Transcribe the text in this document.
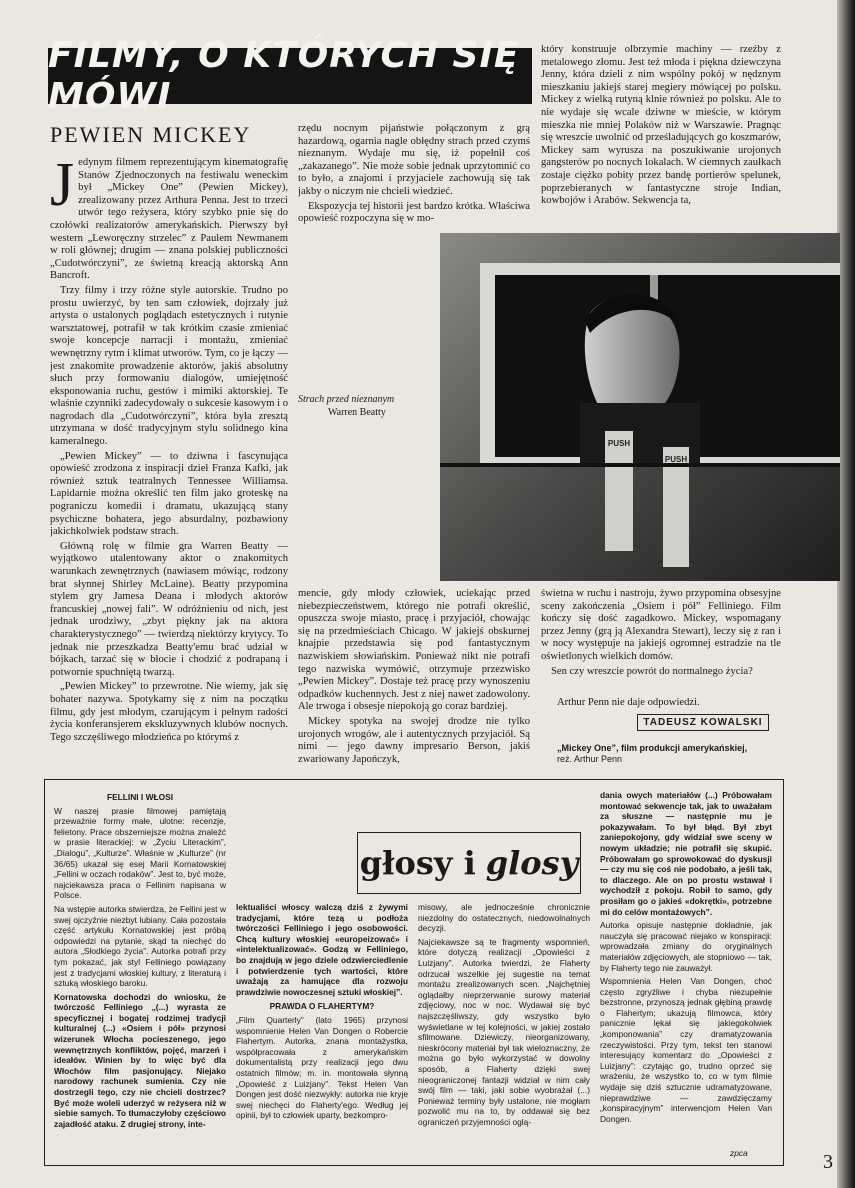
FILMY, O KTÓRYCH SIĘ MÓWI
PEWIEN MICKEY

Jedynym filmem reprezentującym kinematografię Stanów Zjednoczonych na festiwalu weneckim był „Mickey One” (Pewien Mickey), zrealizowany przez Arthura Penna. Jest to trzeci utwór tego reżysera, który szybko pnie się do czołówki realizatorów amerykańskich. Pierwszy był western „Leworęczny strzelec” z Paulem Newmanem w roli głównej; drugim — znana polskiej publiczności „Cudotwórczyni”, ze świetną kreacją aktorską Ann Bancroft.

Trzy filmy i trzy różne style autorskie. Trudno po prostu uwierzyć, by ten sam człowiek, dojrzały już artysta o ustalonych poglądach estetycznych i rutynie warsztatowej, potrafił w tak krótkim czasie zmieniać swoje koncepcje narracji i montażu, zmieniać wewnętrzny rytm i klimat utworów. Tym, co je łączy — jest znakomite prowadzenie aktorów, jakiś absolutny słuch przy formowaniu dialogów, umiejętność eksponowania ruchu, gestów i mimiki aktorskiej. Te właśnie czynniki zadecydowały o sukcesie kasowym i o nagrodach dla „Cudotwórczyni”, która była zresztą utrzymana w dość tradycyjnym stylu solidnego kina kameralnego.

„Pewien Mickey” — to dziwna i fascynująca opowieść zrodzona z inspiracji dzieł Franza Kafki, jak również sztuk teatralnych Tennessee Williamsa. Lapidarnie można określić ten film jako groteskę na pograniczu komedii i dramatu, ukazującą stany psychiczne bohatera, jego absurdalny, pozbawiony jakichkolwiek podstaw strach.

Główną rolę w filmie gra Warren Beatty — wyjątkowo utalentowany aktor o znakomitych warunkach zewnętrznych (nawiasem mówiąc, rodzony brat słynnej Shirley McLaine). Beatty przypomina stylem gry Jamesa Deana i młodych aktorów francuskiej „nowej fali”. W odróżnieniu od nich, jest jednak urodziwy, „zbyt piękny jak na aktora charakterystycznego” — twierdzą niektórzy krytycy. To jednak nie przeszkadza Beatty'emu brać udział w bójkach, tarzać się w błocie i chodzić z podrapaną i potwornie spuchniętą twarzą.

„Pewien Mickey” to przewrotne. Nie wiemy, jak się bohater nazywa. Spotykamy się z nim na początku filmu, gdy jest młodym, czarującym i pełnym radości życia konferansjerem ekskluzywnych klubów nocnych. Tego szczęśliwego młodzieńca po którymś z

rzędu nocnym pijaństwie połączonym z grą hazardową, ogarnia nagle obłędny strach przed czymś nieznanym. Wydaje mu się, iż popełnił coś „zakazanego”. Nie może sobie jednak uprzytomnić co to było, a znajomi i przyjaciele zachowują się tak jakby o niczym nie chcieli wiedzieć.

Ekspozycja tej historii jest bardzo krótka. Właściwa opowieść rozpoczyna się w mo-

który konstruuje olbrzymie machiny — rzeźby z metalowego złomu. Jest też młoda i piękna dziewczyna Jenny, która dzieli z nim wspólny pokój w nędznym mieszkaniu jakiejś starej megiery mówiącej po polsku. Mickey z wielką rutyną klnie również po polsku. Ale to nie wydaje się wcale dziwne w mieście, w którym mieszka nie mniej Polaków niż w Warszawie. Pragnąc się wreszcie uwolnić od prześladujących go koszmarów, Mickey sam wyrusza na poszukiwanie urojonych gangsterów po nocnych lokalach. W ciemnych zaułkach zostaje ciężko pobity przez bandę portierów spelunek, poprzebieranych w fantastyczne stroje Indian, kowbojów i Arabów. Sekwencja ta,

PUSH
PUSH
Strach przed nieznanym
Warren Beatty

mencie, gdy młody człowiek, uciekając przed niebezpieczeństwem, którego nie potrafi określić, opuszcza swoje miasto, pracę i przyjaciół, chowając się na przedmieściach Chicago. W jakiejś obskurnej knajpie przedstawia się pod fantastycznym nazwiskiem słowiańskim. Ponieważ nikt nie potrafi tego nazwiska wymówić, otrzymuje przezwisko „Pewien Mickey”. Dostaje też pracę przy wynoszeniu odpadków kuchennych. Jest z niej nawet zadowolony. Ale trwoga i obsesje niepokoją go coraz bardziej.

Mickey spotyka na swojej drodze nie tylko urojonych wrogów, ale i autentycznych przyjaciół. Są nimi — jego dawny impresario Berson, jakiś zwariowany Japończyk,

świetna w ruchu i nastroju, żywo przypomina obsesyjne sceny zakończenia „Osiem i pół” Felliniego. Film kończy się dość zagadkowo. Mickey, wspomagany przez Jenny (grą ją Alexandra Stewart), leczy się z ran i w nocy występuje na jakiejś ogromnej estradzie na tle oświetlonych wielkich domów.

Sen czy wreszcie powrót do normalnego życia?

Arthur Penn nie daje odpowiedzi.
TADEUSZ KOWALSKI
„Mickey One”, film produkcji amerykańskiej,
reż. Arthur Penn
głosy i glosy
FELLINI I WŁOSI
W naszej prasie filmowej pamiętają przeważnie formy małe, ulotne: recenzje, felietony. Prace obszerniejsze można znaleźć w prasie literackiej: w „Życiu Literackim”, „Dialogu”, „Kulturze”. Właśnie w „Kulturze” (nr 36/65) ukazał się esej Marii Kornatowskiej „Fellini w oczach rodaków”. Jest to, być może, najciekawsza praca o Fellinim napisana w Polsce.
Na wstępie autorka stwierdza, że Fellini jest w swej ojczyźnie niezbyt lubiany. Cała pozostała część artykułu Kornatowskiej jest próbą odpowiedzi na pytanie, skąd ta niechęć do autora „Słodkiego życia”. Autorka potrafi przy tym pokazać, jak styl Felliniego powiązany jest z tradycjami włoskiej kultury, z literaturą i sztuką włoskiego baroku.
Kornatowska dochodzi do wniosku, że twórczość Felliniego „(...) wyrasta ze specyficznej i bogatej rodzimej tradycji kulturalnej (...) «Osiem i pół» przynosi wizerunek Włocha pocieszenego, jego wewnętrznych konfliktów, pojęć, marzeń i ideałów. Winien by to więc być dla Włochów film pasjonujący. Niejako narodowy rachunek sumienia. Czy nie dostrzegli tego, czy nie chcieli dostrzec? Być może woleli uderzyć w reżysera niż w siebie samych. To tłumaczyłoby częściowo zajadłość ataku. Z drugiej strony, inte-
lektualiści włoscy walczą dziś z żywymi tradycjami, które tezą u podłoża twórczości Felliniego i jego osobowości. Chcą kultury włoskiej «europeizować» i «intelektualizować». Godzą w Felliniego, bo znajdują w jego dziele odzwierciedlenie i potwierdzenie tych wartości, które uważają za hamujące dla rozwoju prawdziwie nowoczesnej sztuki włoskiej”.
PRAWDA O FLAHERTYM?
„Film Quarterly” (lato 1965) przynosi wspomnienie Helen Van Dongen o Robercie Flahertym. Autorka, znana montażystka, współpracowała z amerykańskim dokumentalistą przy realizacji jego dwu ostatnich filmów; m. in. montowała słynną „Opowieść z Luizjany”. Tekst Helen Van Dongen jest dość niezwykły: autorka nie kryje swej niechęci do Flaherty'ego. Według jej opinii, był to człowiek uparty, bezkompro-
misowy, ale jednocześnie chronicznie niezdolny do ostatecznych, niedowolnalnych decyzji.
Najciekawsze są te fragmenty wspomnień, które dotyczą realizacji „Opowieści z Luizjany”. Autorka twierdzi, że Flaherty odrzucał wszelkie jej sugestie na temat montażu zrealizowanych scen. „Najchętniej oglądałby nieprzerwanie surowy materiał zdjęciowy, noc w noc. Wydawał się być najszczęśliwszy, gdy wszystko było wyświetlane w tej kolejności, w jakiej zostało sfilmowane. Dziewiczy, nieorganizowany, nieskrócony materiał był tak wieloznaczny, że można go było wykorzystać w dowolny sposób, a Flaherty dzięki swej nieograniczonej fantazji widział w nim cały swój film — taki, jaki sobie wyobrażał (...) Ponieważ terminy były ustalone, nie mogłam pozwolić mu na to, by oddawał się bez ograniczeń przyjemności oglą-
dania owych materiałów (...) Próbowałam montować sekwencje tak, jak to uważałam za słuszne — następnie mu je pokazywałam. To był błąd. Był zbyt zaniepokojony, gdy widział swe sceny w nowym układzie; nie potrafił się skupić. Próbowałam go sprowokować do dyskusji — czy mu się coś nie podobało, a jeśli tak, to dlaczego. Ale on po prostu wstawał i wychodził z pokoju. Robił to samo, gdy prosiłam go o jakieś «dokrętki», potrzebne mi do celów montażowych”.
Autorka opisuje następnie dokładnie, jak nauczyła się pracować niejako w konspiracji: wprowadzała zmiany do oryginalnych materiałów zdjęciowych, ale stopniowo — tak, by Flaherty tego nie zauważył.
Wspomnienia Helen Van Dongen, choć często zgryźliwe i chyba niezupełnie bezstronne, przynoszą jednak głębiną prawdę o Flahertym; ukazują filmowca, który panicznie lękał się jakiegokolwiek „komponowania” czy dramatyzowania rzeczywistości. Przy tym, tekst ten stanowi interesujący komentarz do „Opowieści z Luizjany”: czytając go, trudno oprzeć się wrażeniu, że wszystko to, co w tym filmie wydaje się dziś sztucznie udramatyzowane, nieprawdziwe — zawdzięczamy „konspiracyjnym” interwencjom Helen Van Dongen.
zpca	3
